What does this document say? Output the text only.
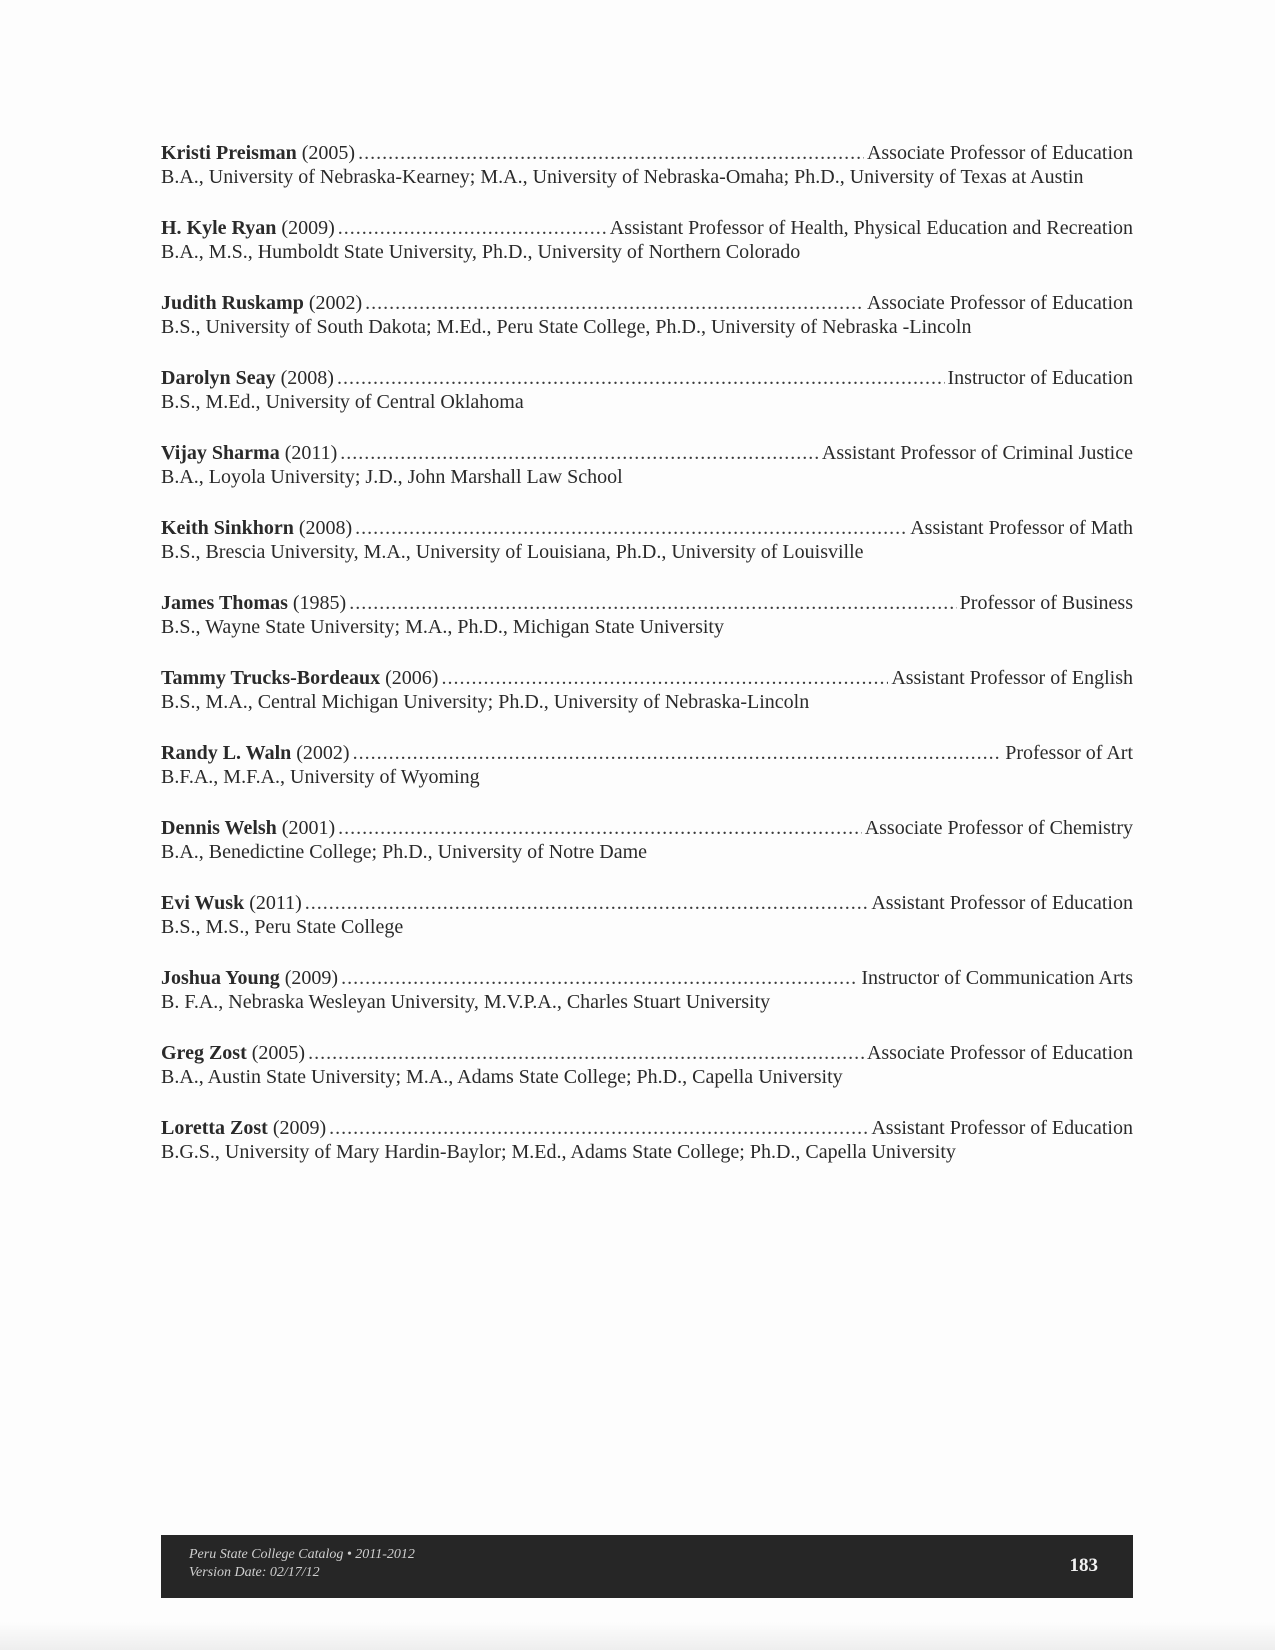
Kristi Preisman (2005) .....	Associate Professor of Education
B.A., University of Nebraska-Kearney; M.A., University of Nebraska-Omaha; Ph.D., University of Texas at Austin
H. Kyle Ryan (2009) .....	Assistant Professor of Health, Physical Education and Recreation
B.A., M.S., Humboldt State University, Ph.D., University of Northern Colorado
Judith Ruskamp (2002) .....	Associate Professor of Education
B.S., University of South Dakota; M.Ed., Peru State College, Ph.D., University of Nebraska -Lincoln
Darolyn Seay (2008) .....	Instructor of Education
B.S., M.Ed., University of Central Oklahoma
Vijay Sharma (2011) .....	Assistant Professor of Criminal Justice
B.A., Loyola University; J.D., John Marshall Law School
Keith Sinkhorn (2008) .....	Assistant Professor of Math
B.S., Brescia University, M.A., University of Louisiana, Ph.D., University of Louisville
James Thomas (1985) .....	Professor of Business
B.S., Wayne State University; M.A., Ph.D., Michigan State University
Tammy Trucks-Bordeaux (2006) .....	Assistant Professor of English
B.S., M.A., Central Michigan University; Ph.D., University of Nebraska-Lincoln
Randy L. Waln (2002) .....	Professor of Art
B.F.A., M.F.A., University of Wyoming
Dennis Welsh (2001) .....	Associate Professor of Chemistry
B.A., Benedictine College; Ph.D., University of Notre Dame
Evi Wusk (2011) .....	Assistant Professor of Education
B.S., M.S., Peru State College
Joshua Young (2009) .....	Instructor of Communication Arts
B. F.A., Nebraska Wesleyan University, M.V.P.A., Charles Stuart University
Greg Zost (2005) .....	Associate Professor of Education
B.A., Austin State University; M.A., Adams State College; Ph.D., Capella University
Loretta Zost (2009) .....	Assistant Professor of Education
B.G.S., University of Mary Hardin-Baylor; M.Ed., Adams State College; Ph.D., Capella University
Peru State College Catalog • 2011-2012
Version Date: 02/17/12	183
